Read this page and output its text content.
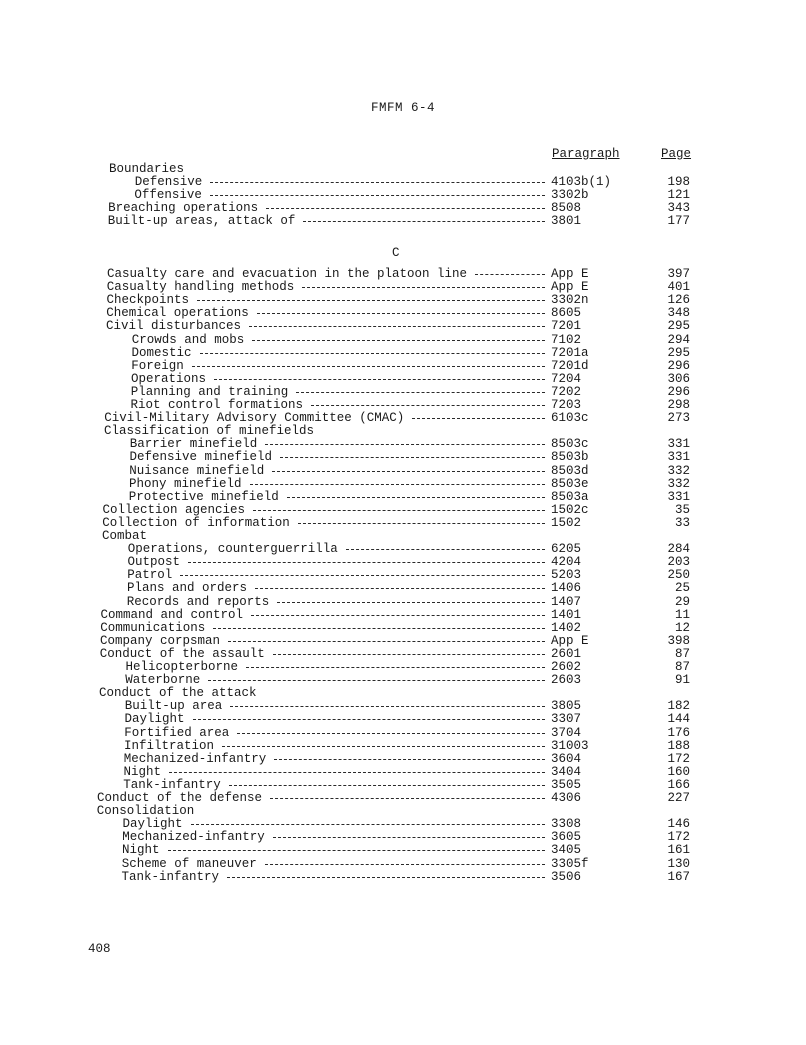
FMFM 6-4
Paragraph	Page
Boundaries
Defensive	4103b(1)	198
Offensive	3302b	121
Breaching operations	8508	343
Built-up areas, attack of	3801	177
C
Casualty care and evacuation in the platoon line	App E	397
Casualty handling methods	App E	401
Checkpoints	3302n	126
Chemical operations	8605	348
Civil disturbances	7201	295
Crowds and mobs	7102	294
Domestic	7201a	295
Foreign	7201d	296
Operations	7204	306
Planning and training	7202	296
Riot control formations	7203	298
Civil-Military Advisory Committee (CMAC)	6103c	273
Classification of minefields
Barrier minefield	8503c	331
Defensive minefield	8503b	331
Nuisance minefield	8503d	332
Phony minefield	8503e	332
Protective minefield	8503a	331
Collection agencies	1502c	35
Collection of information	1502	33
Combat
Operations, counterguerrilla	6205	284
Outpost	4204	203
Patrol	5203	250
Plans and orders	1406	25
Records and reports	1407	29
Command and control	1401	11
Communications	1402	12
Company corpsman	App E	398
Conduct of the assault	2601	87
Helicopterborne	2602	87
Waterborne	2603	91
Conduct of the attack
Built-up area	3805	182
Daylight	3307	144
Fortified area	3704	176
Infiltration	31003	188
Mechanized-infantry	3604	172
Night	3404	160
Tank-infantry	3505	166
Conduct of the defense	4306	227
Consolidation
Daylight	3308	146
Mechanized-infantry	3605	172
Night	3405	161
Scheme of maneuver	3305f	130
Tank-infantry	3506	167
408
